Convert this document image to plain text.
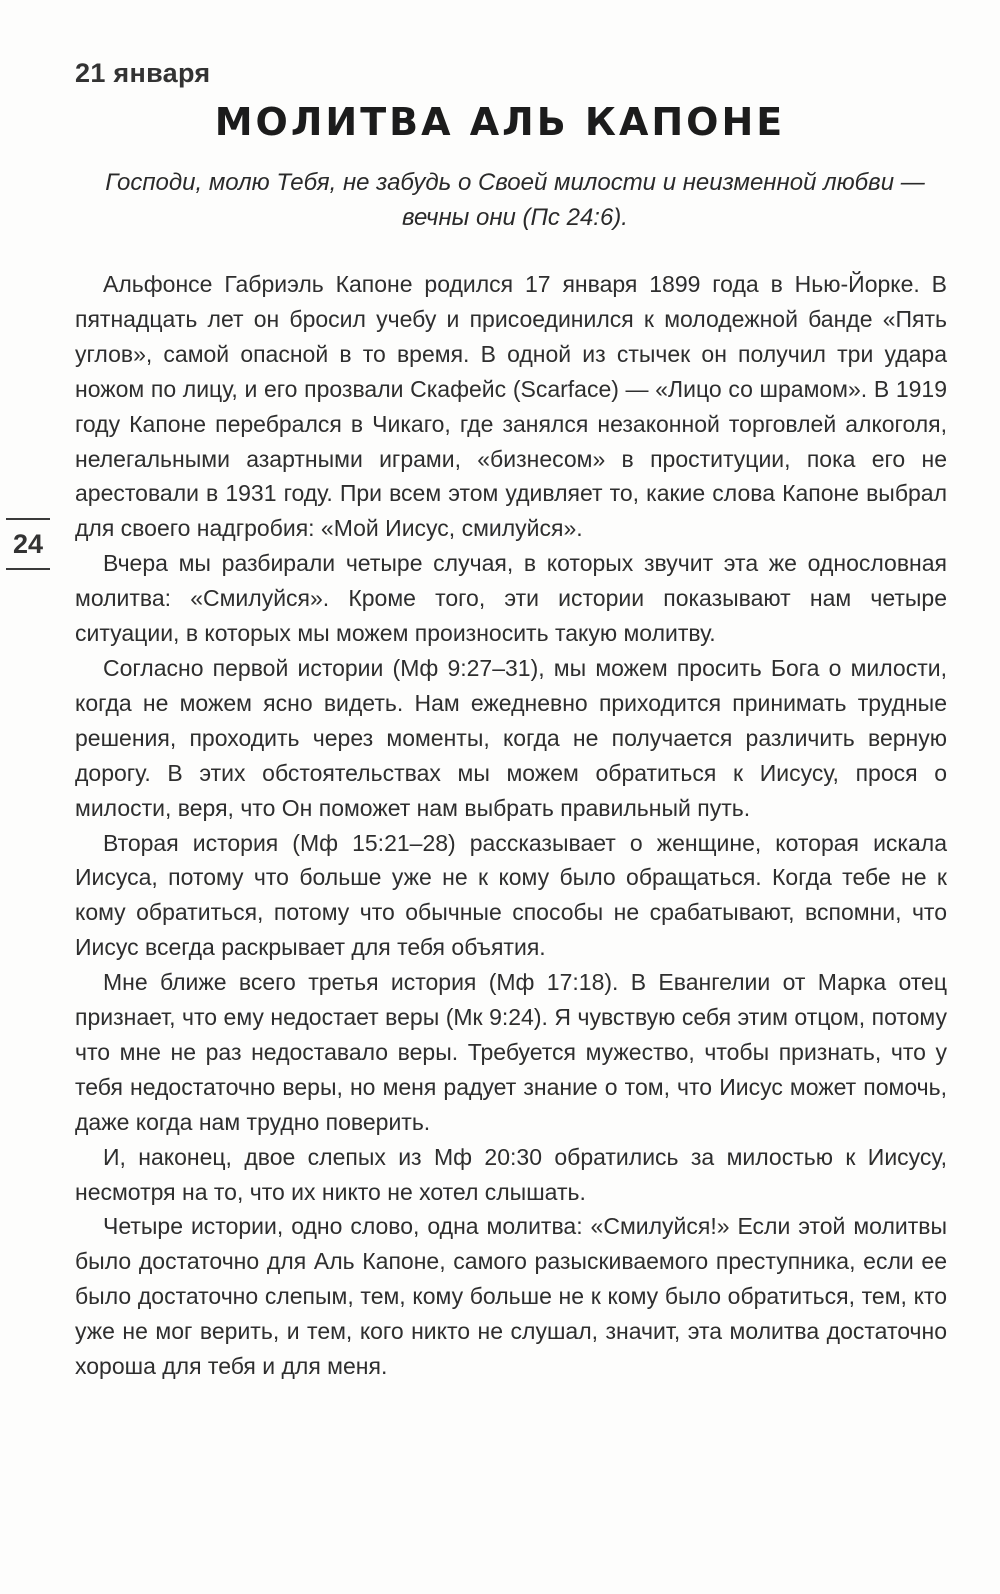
21 января
МОЛИТВА АЛЬ КАПОНЕ
Господи, молю Тебя, не забудь о Своей милости и неизменной любви — вечны они (Пс 24:6).
24

Альфонсе Габриэль Капоне родился 17 января 1899 года в Нью-Йорке. В пятнадцать лет он бросил учебу и присоединился к молодежной банде «Пять углов», самой опасной в то время. В одной из стычек он получил три удара ножом по лицу, и его прозвали Скафейс (Scarface) — «Лицо со шрамом». В 1919 году Капоне перебрался в Чикаго, где занялся незаконной торговлей алкоголя, нелегальными азартными играми, «бизнесом» в проституции, пока его не арестовали в 1931 году. При всем этом удивляет то, какие слова Капоне выбрал для своего надгробия: «Мой Иисус, смилуйся».

Вчера мы разбирали четыре случая, в которых звучит эта же однословная молитва: «Смилуйся». Кроме того, эти истории показывают нам четыре ситуации, в которых мы можем произносить такую молитву.

Согласно первой истории (Мф 9:27–31), мы можем просить Бога о милости, когда не можем ясно видеть. Нам ежедневно приходится принимать трудные решения, проходить через моменты, когда не получается различить верную дорогу. В этих обстоятельствах мы можем обратиться к Иисусу, прося о милости, веря, что Он поможет нам выбрать правильный путь.

Вторая история (Мф 15:21–28) рассказывает о женщине, которая искала Иисуса, потому что больше уже не к кому было обращаться. Когда тебе не к кому обратиться, потому что обычные способы не срабатывают, вспомни, что Иисус всегда раскрывает для тебя объятия.

Мне ближе всего третья история (Мф 17:18). В Евангелии от Марка отец признает, что ему недостает веры (Мк 9:24). Я чувствую себя этим отцом, потому что мне не раз недоставало веры. Требуется мужество, чтобы признать, что у тебя недостаточно веры, но меня радует знание о том, что Иисус может помочь, даже когда нам трудно поверить.

И, наконец, двое слепых из Мф 20:30 обратились за милостью к Иисусу, несмотря на то, что их никто не хотел слышать.

Четыре истории, одно слово, одна молитва: «Смилуйся!» Если этой молитвы было достаточно для Аль Капоне, самого разыскиваемого преступника, если ее было достаточно слепым, тем, кому больше не к кому было обратиться, тем, кто уже не мог верить, и тем, кого никто не слушал, значит, эта молитва достаточно хороша для тебя и для меня.
